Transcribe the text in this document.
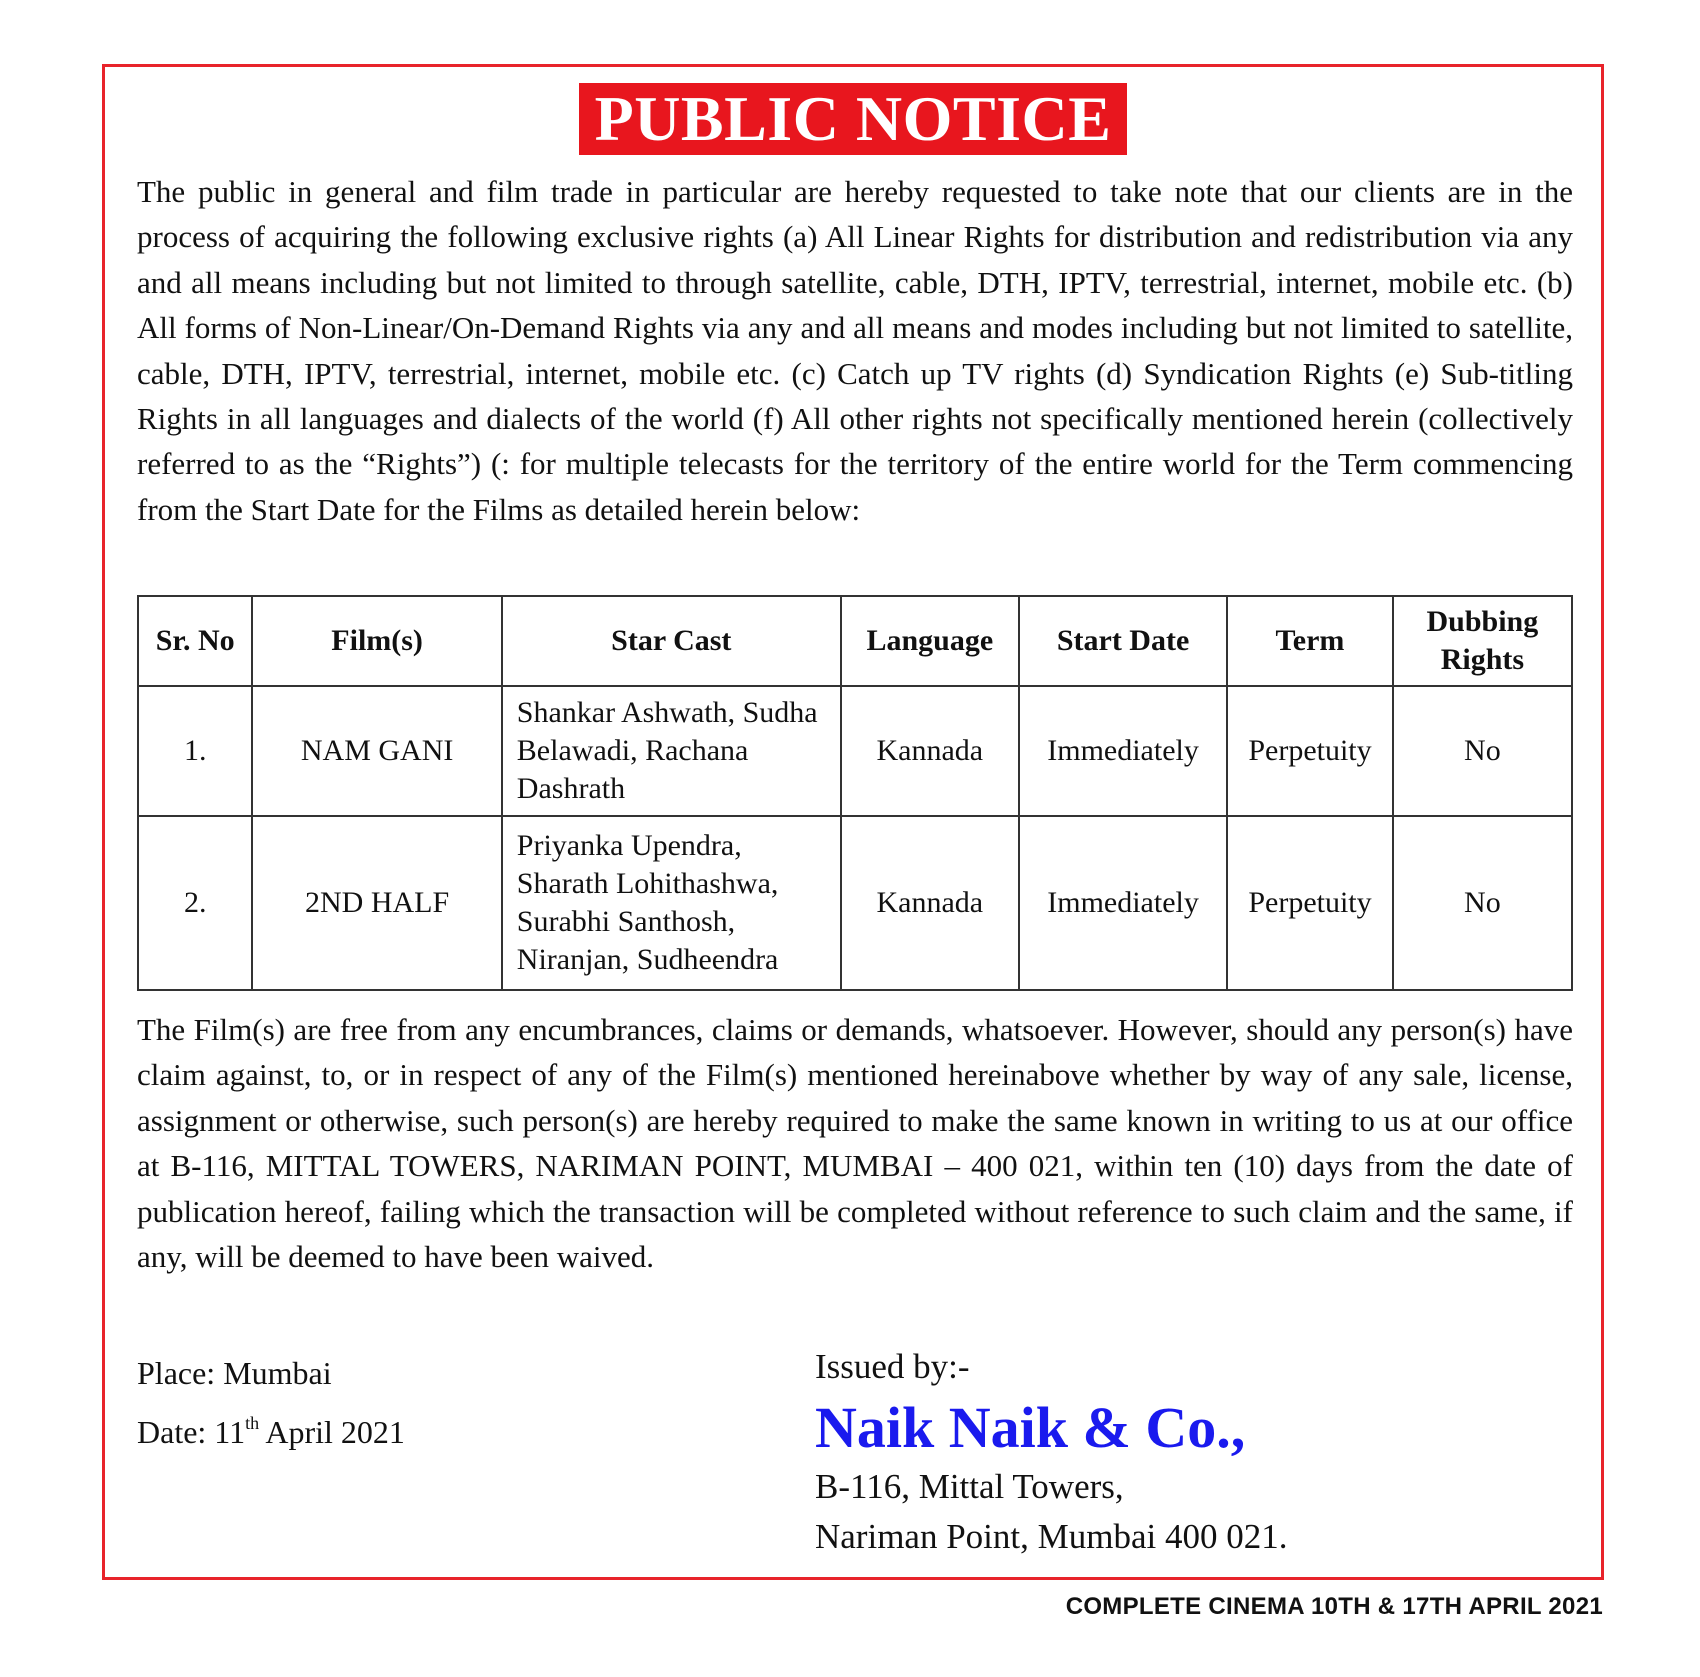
PUBLIC NOTICE

The public in general and film trade in particular are hereby requested to take note that our clients are in the process of acquiring the following exclusive rights (a) All Linear Rights for distribution and redistribution via any and all means including but not limited to through satellite, cable, DTH, IPTV, terrestrial, internet, mobile etc. (b) All forms of Non-Linear/On-Demand Rights via any and all means and modes including but not limited to satellite, cable, DTH, IPTV, terrestrial, internet, mobile etc. (c) Catch up TV rights (d) Syndication Rights (e) Sub-titling Rights in all languages and dialects of the world (f) All other rights not specifically mentioned herein (collectively referred to as the “Rights”) (: for multiple telecasts for the territory of the entire world for the Term commencing from the Start Date for the Films as detailed herein below:

Sr. No	Film(s)	Star Cast	Language	Start Date	Term	Dubbing
Rights
1.	NAM GANI	Shankar Ashwath, Sudha
Belawadi, Rachana
Dashrath	Kannada	Immediately	Perpetuity	No
2.	2ND HALF	Priyanka Upendra,
Sharath Lohithashwa,
Surabhi Santhosh,
Niranjan, Sudheendra	Kannada	Immediately	Perpetuity	No

The Film(s) are free from any encumbrances, claims or demands, whatsoever. However, should any person(s) have claim against, to, or in respect of any of the Film(s) mentioned hereinabove whether by way of any sale, license, assignment or otherwise, such person(s) are hereby required to make the same known in writing to us at our office at B-116, MITTAL TOWERS, NARIMAN POINT, MUMBAI – 400 021, within ten (10) days from the date of publication hereof, failing which the transaction will be completed without reference to such claim and the same, if any, will be deemed to have been waived.

Place: Mumbai
Date: 11th April 2021
Issued by:-
Naik Naik & Co.,
B-116, Mittal Towers,
Nariman Point, Mumbai 400 021.
COMPLETE CINEMA 10TH & 17TH APRIL 2021
